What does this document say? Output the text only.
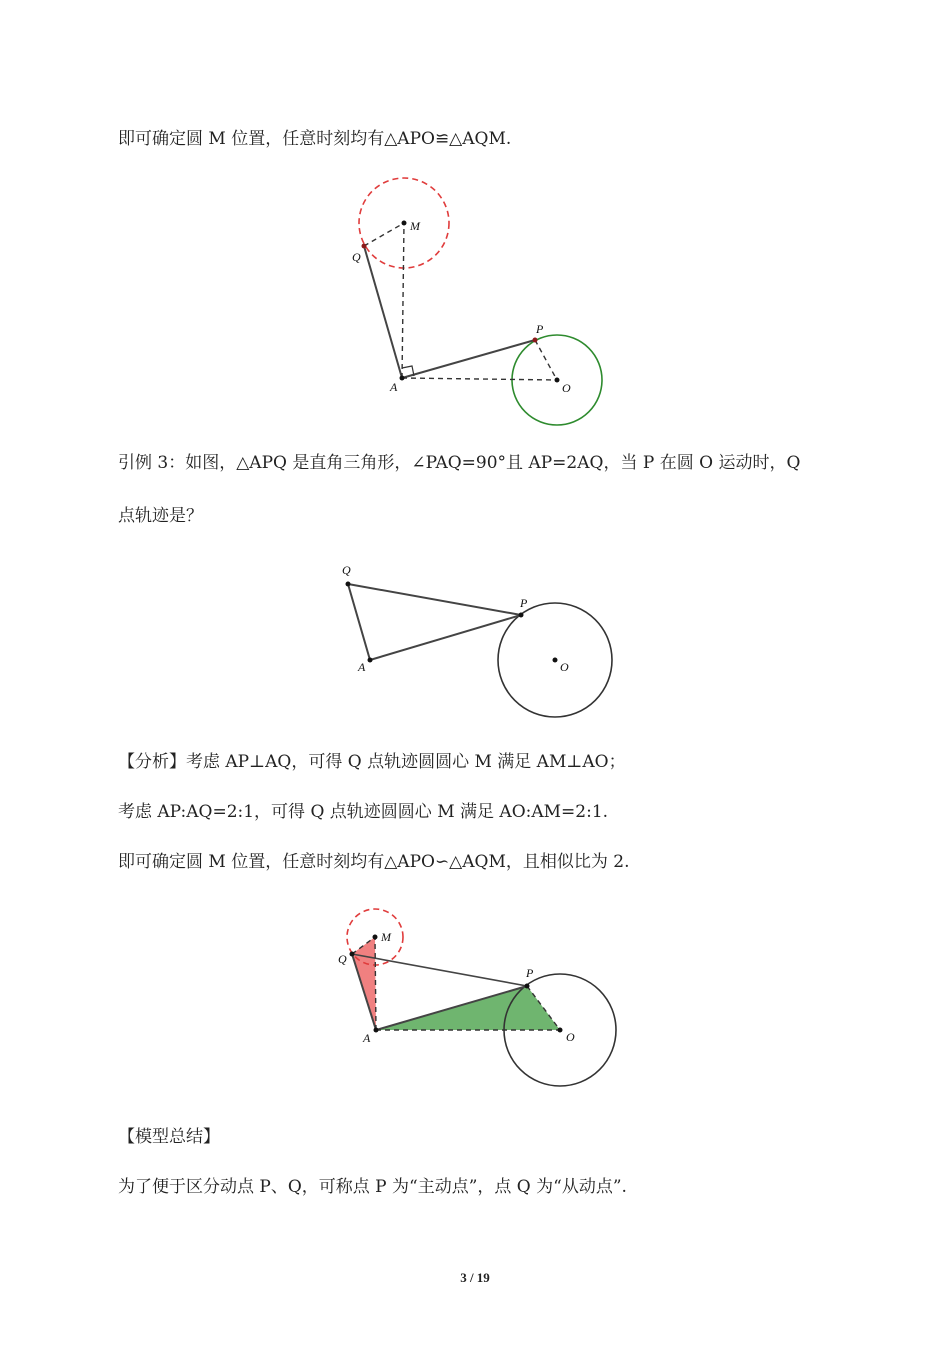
即可确定圆 M 位置，任意时刻均有△APO≌△AQM.
A
Q
M
P
O
引例 3：如图，△APQ 是直角三角形，∠PAQ=90°且 AP=2AQ，当 P 在圆 O 运动时，Q
点轨迹是？
Q
A
P
O
【分析】考虑 AP⊥AQ，可得 Q 点轨迹圆圆心 M 满足 AM⊥AO；
考虑 AP:AQ=2:1，可得 Q 点轨迹圆圆心 M 满足 AO:AM=2:1.
即可确定圆 M 位置，任意时刻均有△APO∽△AQM，且相似比为 2.
Q
M
A
P
O
【模型总结】
为了便于区分动点 P、Q，可称点 P 为“主动点”，点 Q 为“从动点”.
3 / 19
